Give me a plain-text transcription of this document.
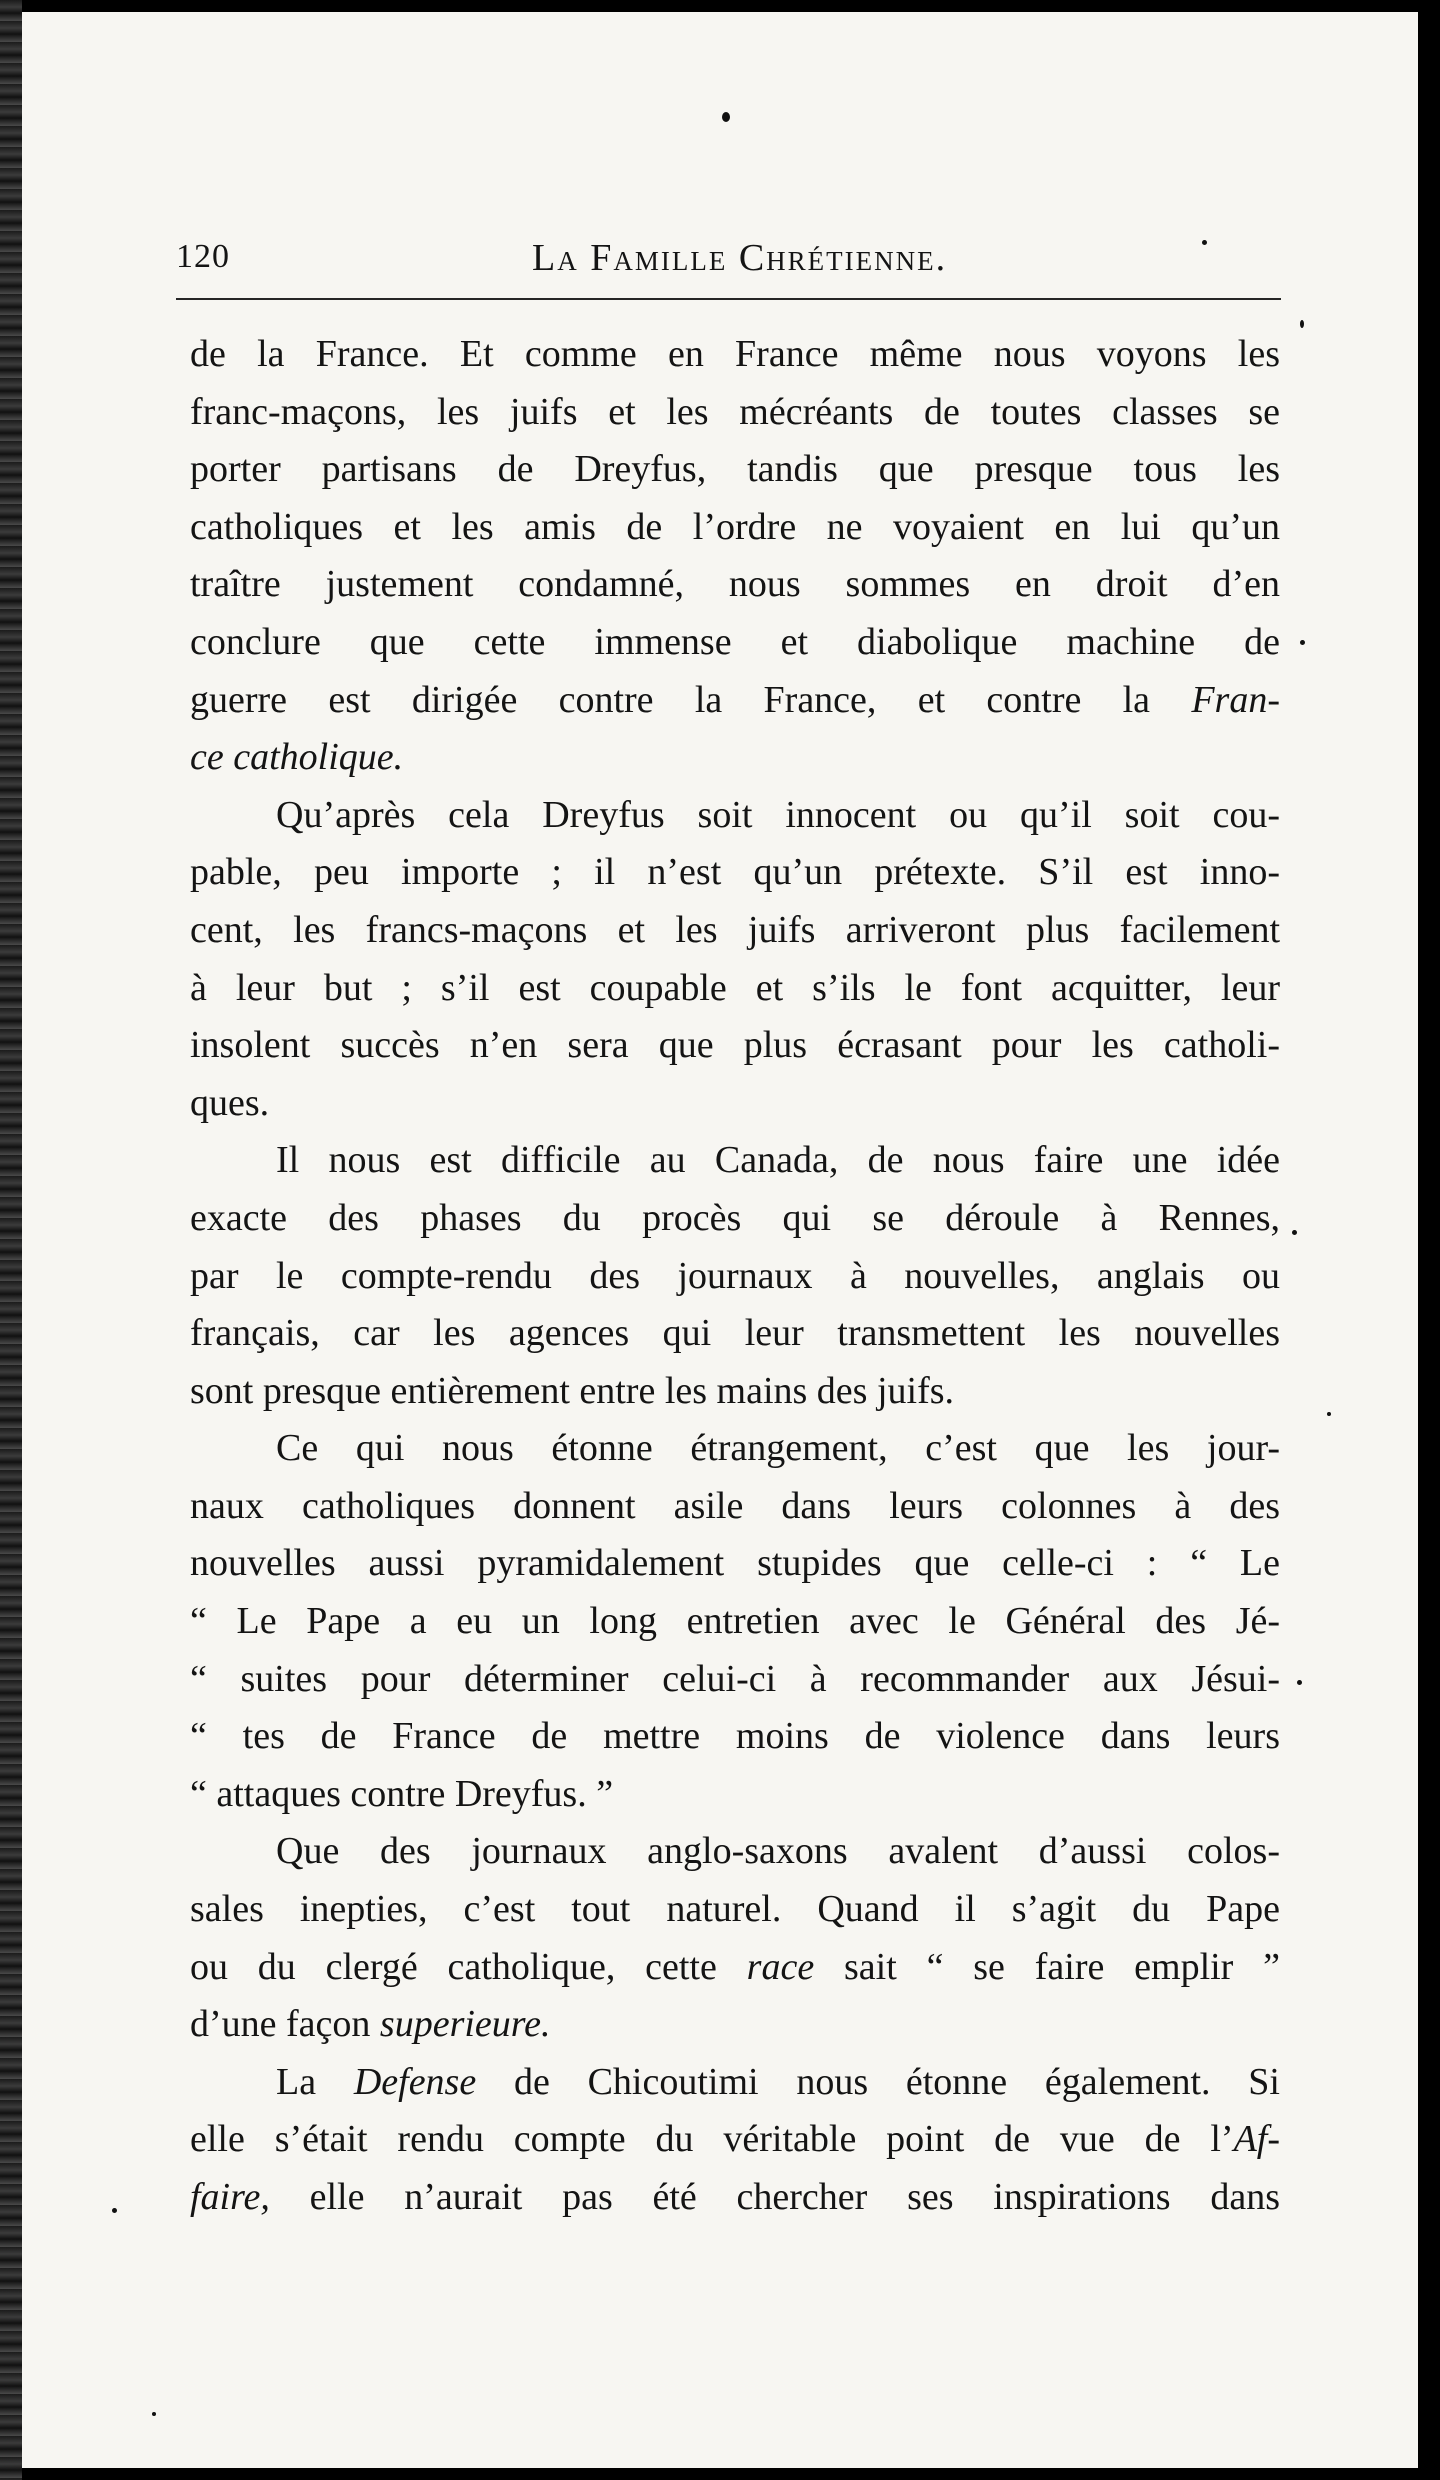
120	La Famille Chrétienne.
de la France. Et comme en France même nous voyons les
franc-maçons, les juifs et les mécréants de toutes classes se
porter partisans de Dreyfus, tandis que presque tous les
catholiques et les amis de l’ordre ne voyaient en lui qu’un
traître justement condamné, nous sommes en droit d’en
conclure que cette immense et diabolique machine de
guerre est dirigée contre la France, et contre la Fran-
ce catholique.
Qu’après cela Dreyfus soit innocent ou qu’il soit cou-
pable, peu importe ; il n’est qu’un prétexte. S’il est inno-
cent, les francs-maçons et les juifs arriveront plus facilement
à leur but ; s’il est coupable et s’ils le font acquitter, leur
insolent succès n’en sera que plus écrasant pour les catholi-
ques.
Il nous est difficile au Canada, de nous faire une idée
exacte des phases du procès qui se déroule à Rennes,
par le compte-rendu des journaux à nouvelles, anglais ou
français, car les agences qui leur transmettent les nouvelles
sont presque entièrement entre les mains des juifs.
Ce qui nous étonne étrangement, c’est que les jour-
naux catholiques donnent asile dans leurs colonnes à des
nouvelles aussi pyramidalement stupides que celle-ci : “ Le
“ Le Pape a eu un long entretien avec le Général des Jé-
“ suites pour déterminer celui-ci à recommander aux Jésui-
“ tes de France de mettre moins de violence dans leurs
“ attaques contre Dreyfus. ”
Que des journaux anglo-saxons avalent d’aussi colos-
sales inepties, c’est tout naturel. Quand il s’agit du Pape
ou du clergé catholique, cette race sait “ se faire emplir ”
d’une façon superieure.
La Defense de Chicoutimi nous étonne également. Si
elle s’était rendu compte du véritable point de vue de l’Af-
faire, elle n’aurait pas été chercher ses inspirations dans
